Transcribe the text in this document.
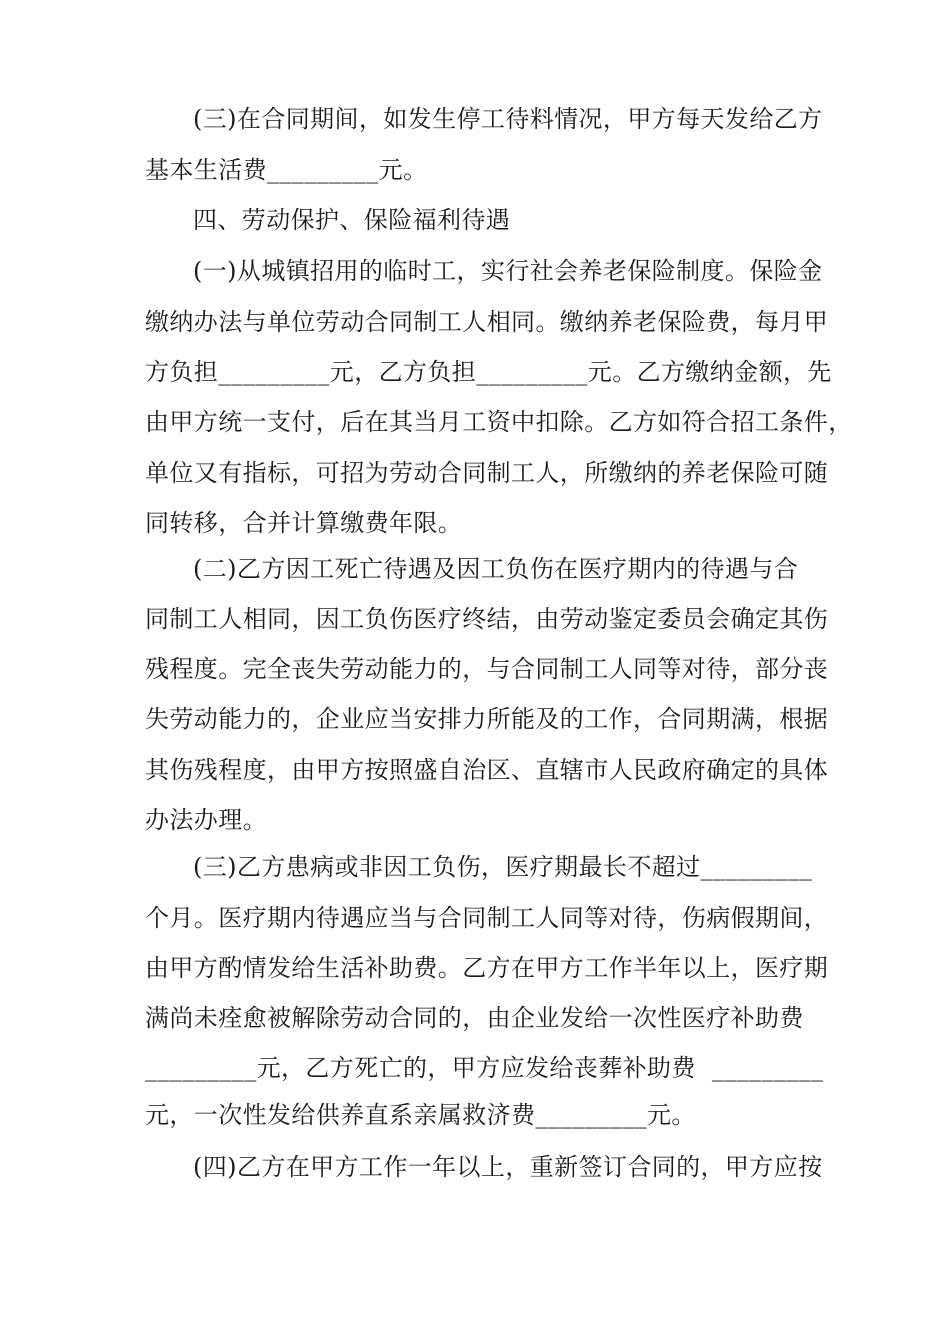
(三)在合同期间，如发生停工待料情况，甲方每天发给乙方
基本生活费_________元。
四、劳动保护、保险福利待遇
(一)从城镇招用的临时工，实行社会养老保险制度。保险金
缴纳办法与单位劳动合同制工人相同。缴纳养老保险费，每月甲
方负担_________元，乙方负担_________元。乙方缴纳金额，先
由甲方统一支付，后在其当月工资中扣除。乙方如符合招工条件，
单位又有指标，可招为劳动合同制工人，所缴纳的养老保险可随
同转移，合并计算缴费年限。
(二)乙方因工死亡待遇及因工负伤在医疗期内的待遇与合
同制工人相同，因工负伤医疗终结，由劳动鉴定委员会确定其伤
残程度。完全丧失劳动能力的，与合同制工人同等对待，部分丧
失劳动能力的，企业应当安排力所能及的工作，合同期满，根据
其伤残程度，由甲方按照盛自治区、直辖市人民政府确定的具体
办法办理。
(三)乙方患病或非因工负伤，医疗期最长不超过_________
个月。医疗期内待遇应当与合同制工人同等对待，伤病假期间，
由甲方酌情发给生活补助费。乙方在甲方工作半年以上，医疗期
满尚未痊愈被解除劳动合同的，由企业发给一次性医疗补助费
_________元，乙方死亡的，甲方应发给丧葬补助费  _________
元，一次性发给供养直系亲属救济费_________元。
(四)乙方在甲方工作一年以上，重新签订合同的，甲方应按
